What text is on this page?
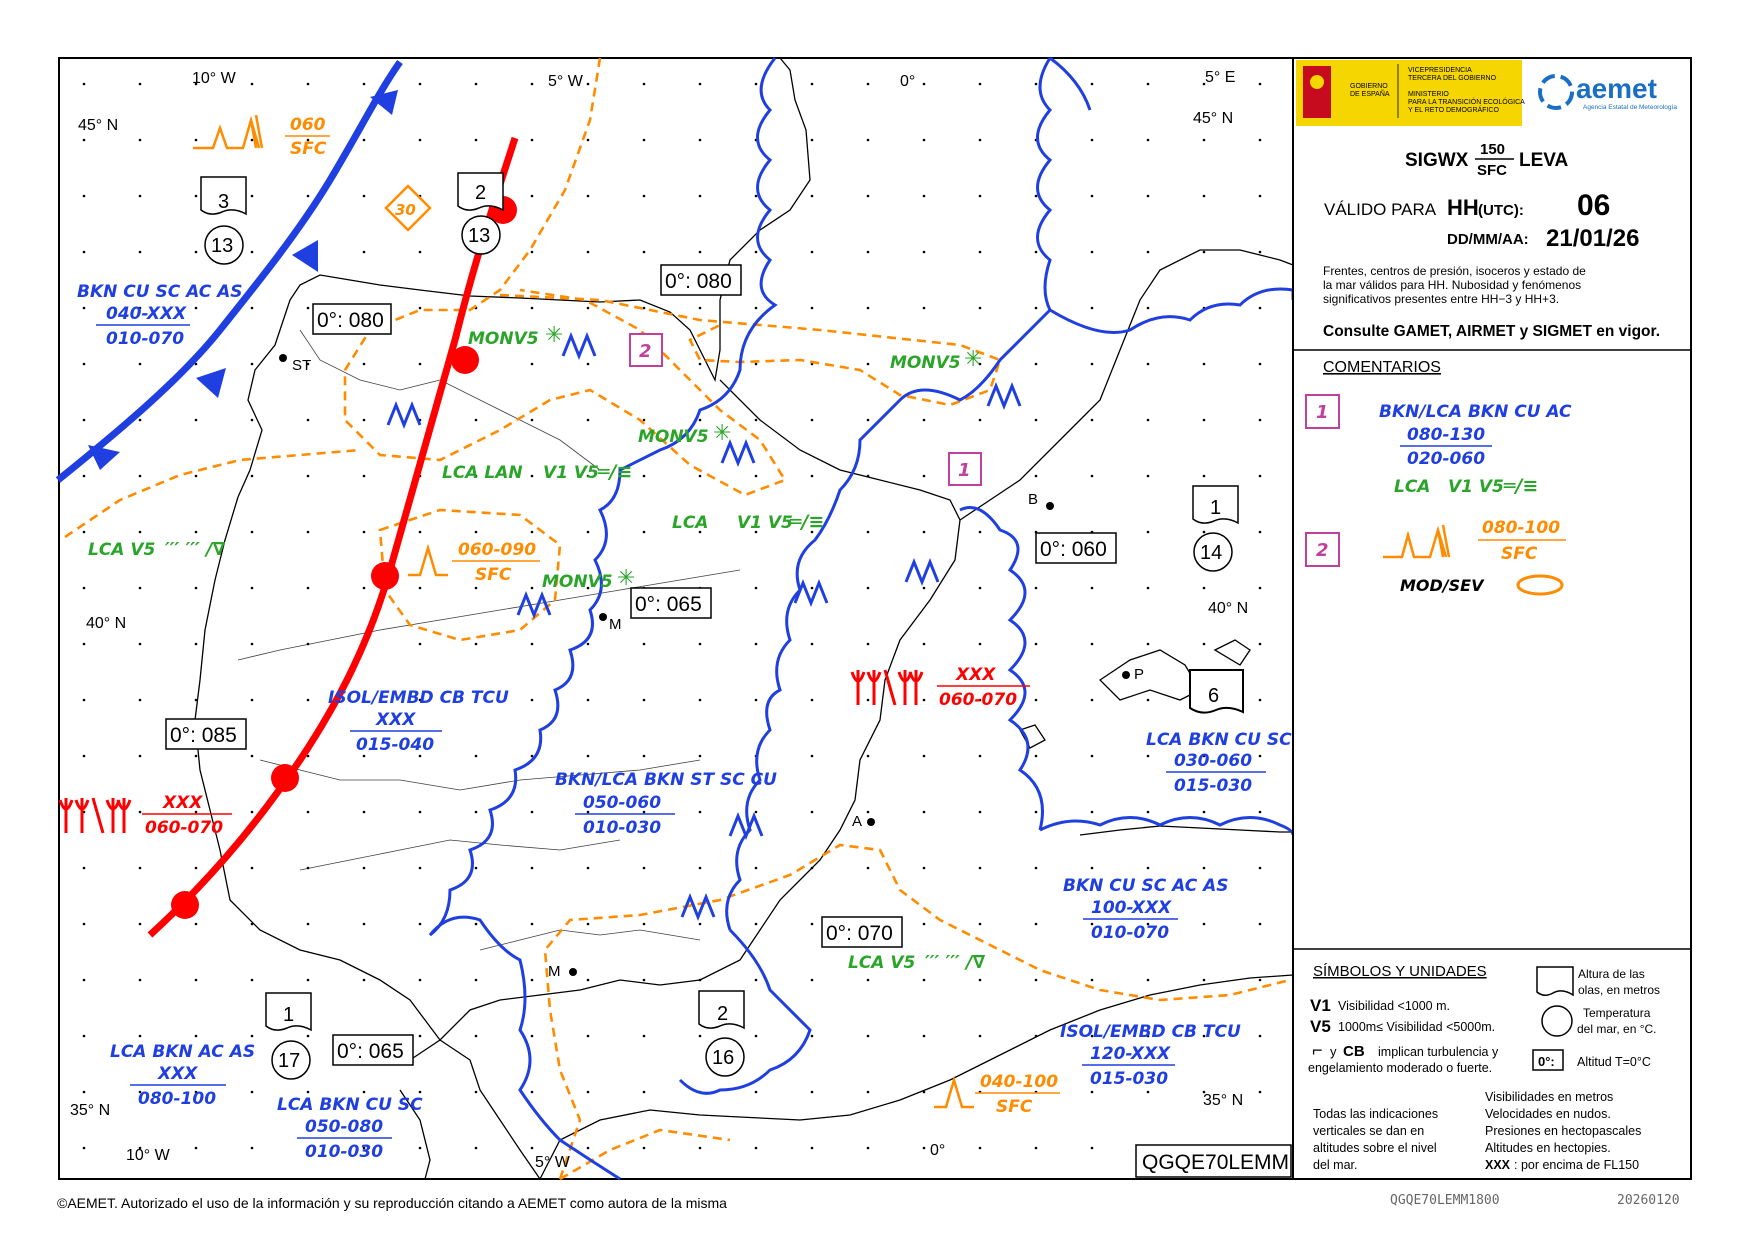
10° W	5° W	0°	5° E
45° N	45° N
40° N
40° N
35° N
35° N
10° W	5° W
0°
ST
M
B
P
A
M
0°: 080
0°: 080
0°: 060
0°: 065
0°: 085
0°: 070
0°: 065
3
13
2
13
1
14
6
1
17
2
16
BKN CU SC AC AS
040-XXX
010-070
ISOL/EMBD CB TCU
XXX
015-040
BKN/LCA BKN ST SC CU
050-060
010-030
LCA BKN CU SC
030-060
015-030
BKN CU SC AC AS
100-XXX
010-070
ISOL/EMBD CB TCU
120-XXX
015-030
LCA BKN AC AS
XXX
080-100	LCA BKN CU SC
050-080
010-030
XXX
060-070
XXX
060-070
060
SFC
060-090
SFC
040-100
SFC
30
MONV5 ✳
MONV5 ✳
MONV5 ✳
MONV5 ✳
LCA LAN V1 V5 ═/≡
LCA V1 V5
═/≡
LCA V5 ′′′ ′′′ /∇
LCA V5 ′′′ ′′′ /∇
2
1
GOBIERNO
DE ESPAÑA
VICEPRESIDENCIA
TERCERA DEL GOBIERNO
MINISTERIO
PARA LA TRANSICIÓN ECOLÓGICA
Y EL RETO DEMOGRÁFICO
aemet
Agencia Estatal de Meteorología
SIGWX
150
SFC LEVA
VÁLIDO PARA HH (UTC): 06
DD/MM/AA: 21/01/26
Frentes, centros de presión, isoceros y estado de
la mar válidos para HH. Nubosidad y fenómenos
significativos presentes entre HH−3 y HH+3.
Consulte GAMET, AIRMET y SIGMET en vigor.
COMENTARIOS
1	BKN/LCA BKN CU AC
080-130
020-060
LCA V1 V5 ═/≡
2
080-100
SFC
MOD/SEV
SÍMBOLOS Y UNIDADES
V1 Visibilidad <1000 m.
V5 1000m≤ Visibilidad <5000m.
⌐ y CB implican turbulencia y
engelamiento moderado o fuerte.
Altura de las
olas, en metros
Temperatura
del mar, en °C.
0°: Altitud T=0°C
Todas las indicaciones
verticales se dan en
altitudes sobre el nivel
del mar.
Visibilidades en metros
Velocidades en nudos.
Presiones en hectopascales
Altitudes en hectopies.
XXX : por encima de FL150
QGQE70LEMM
©AEMET. Autorizado el uso de la información y su reproducción citando a AEMET como autora de la misma	QGQE70LEMM1800	20260120
